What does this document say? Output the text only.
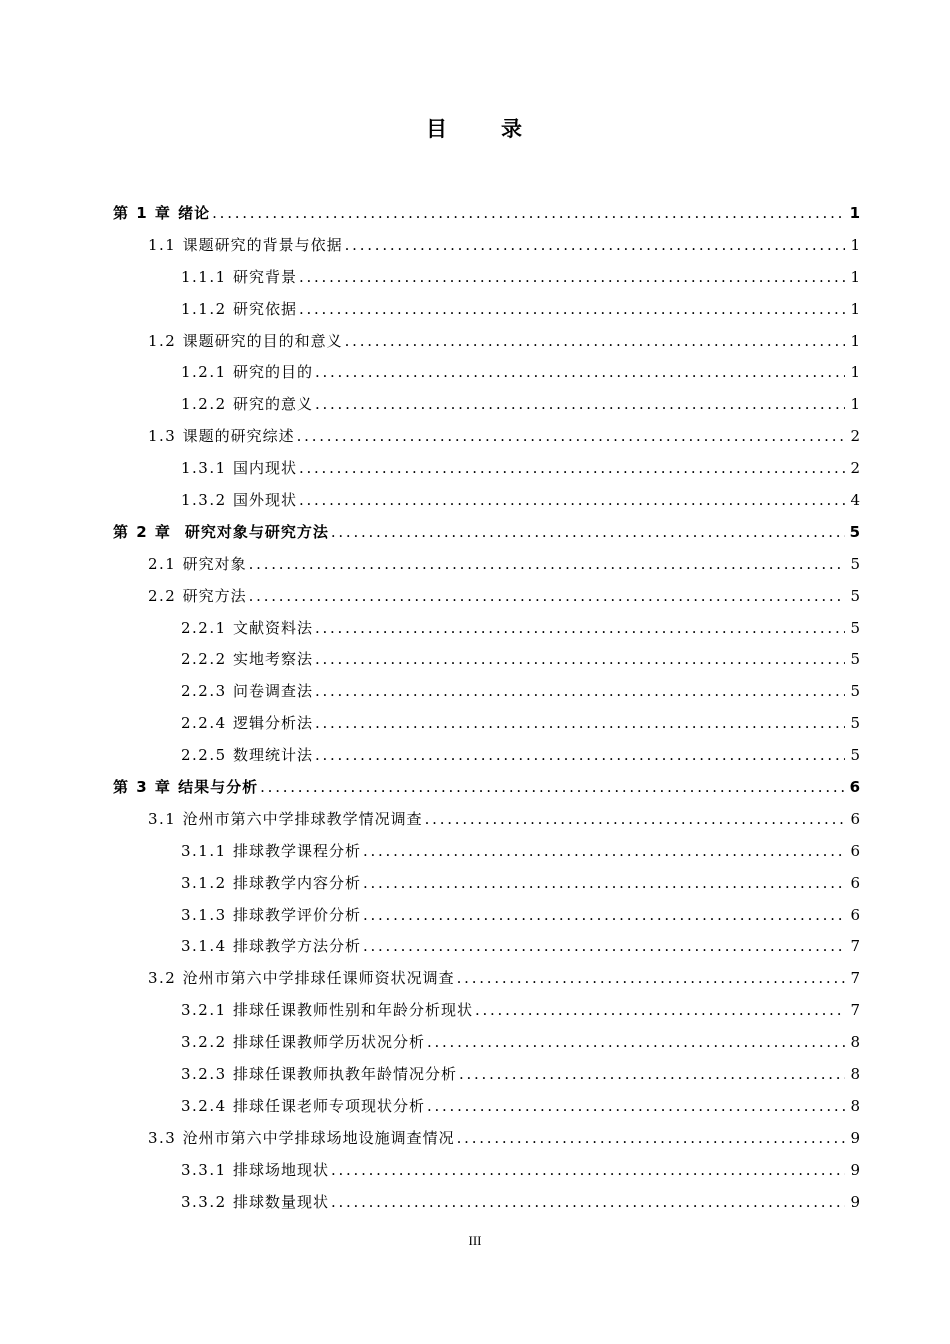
目 录
第 1 章 绪论 . . .	1
1.1 课题研究的背景与依据 . . .	1
1.1.1 研究背景 . . .	1
1.1.2 研究依据 . . .	1
1.2 课题研究的目的和意义 . . .	1
1.2.1 研究的目的 . . .	1
1.2.2 研究的意义 . . .	1
1.3 课题的研究综述 . . .	2
1.3.1 国内现状 . . .	2
1.3.2 国外现状 . . .	4
第 2 章 研究对象与研究方法 . . .	5
2.1 研究对象 . . .	5
2.2 研究方法 . . .	5
2.2.1 文献资料法 . . .	5
2.2.2 实地考察法 . . .	5
2.2.3 问卷调查法 . . .	5
2.2.4 逻辑分析法 . . .	5
2.2.5 数理统计法 . . .	5
第 3 章 结果与分析 . . .	6
3.1 沧州市第六中学排球教学情况调查 . . .	6
3.1.1 排球教学课程分析 . . .	6
3.1.2 排球教学内容分析 . . .	6
3.1.3 排球教学评价分析 . . .	6
3.1.4 排球教学方法分析 . . .	7
3.2 沧州市第六中学排球任课师资状况调查 . . .	7
3.2.1 排球任课教师性别和年龄分析现状 . . .	7
3.2.2 排球任课教师学历状况分析 . . .	8
3.2.3 排球任课教师执教年龄情况分析 . . .	8
3.2.4 排球任课老师专项现状分析 . . .	8
3.3 沧州市第六中学排球场地设施调查情况 . . .	9
3.3.1 排球场地现状 . . .	9
3.3.2 排球数量现状 . . .	9
III
